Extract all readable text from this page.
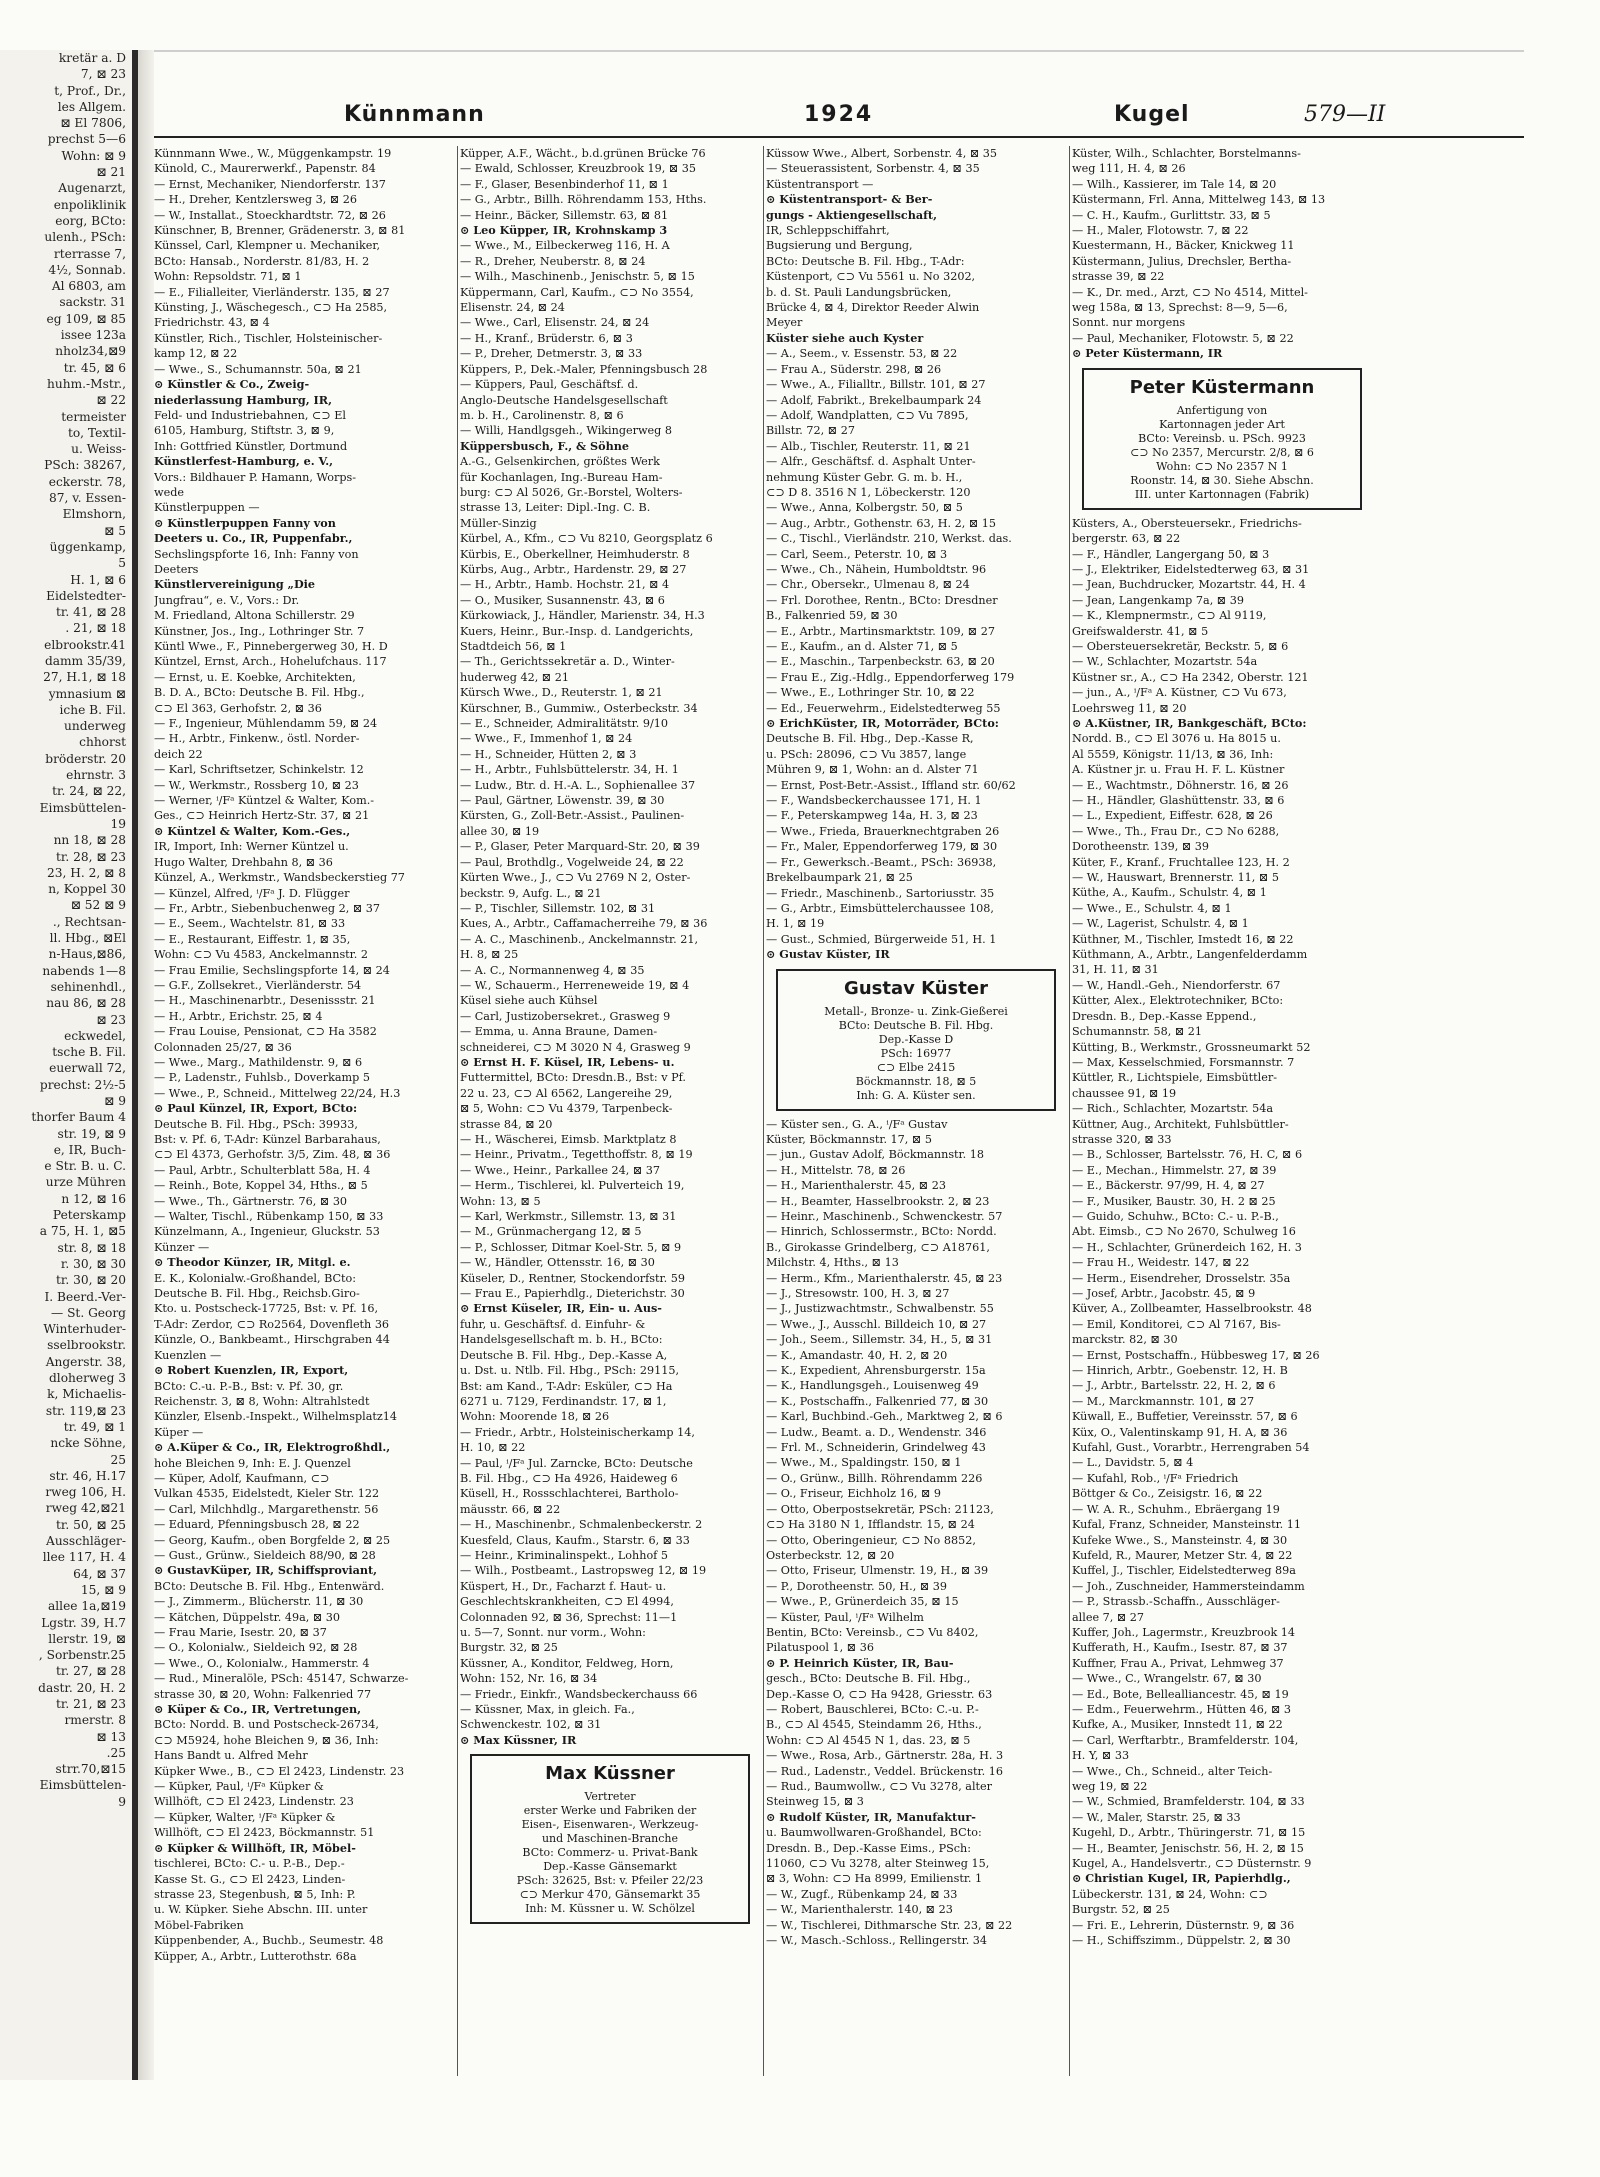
kretär a. D
7, ⊠ 23
t, Prof., Dr.,
les Allgem.
⊠ El 7806,
prechst 5—6
Wohn: ⊠ 9
⊠ 21
Augenarzt,
enpoliklinik
eorg, BCto:
ulenh., PSch:
rterrasse 7,
4½, Sonnab.
Al 6803, am
sackstr. 31
eg 109, ⊠ 85
issee 123a
nholz34,⊠9
tr. 45, ⊠ 6
huhm.-Mstr.,
⊠ 22
termeister
to, Textil-
u. Weiss-
PSch: 38267,
eckerstr. 78,
87, v. Essen-
Elmshorn,
⊠ 5
üggenkamp,
5
H. 1, ⊠ 6
Eidelstedter-
tr. 41, ⊠ 28
. 21, ⊠ 18
elbrookstr.41
damm 35/39,
27, H.1, ⊠ 18
ymnasium ⊠
iche B. Fil.
underweg
chhorst
bröderstr. 20
ehrnstr. 3
tr. 24, ⊠ 22,
Eimsbüttelen-
19
nn 18, ⊠ 28
tr. 28, ⊠ 23
23, H. 2, ⊠ 8
n, Koppel 30
⊠ 52 ⊠ 9
., Rechtsan-
ll. Hbg., ⊠El
n-Haus,⊠86,
nabends 1—8
sehinenhdl.,
nau 86, ⊠ 28
⊠ 23
eckwedel,
tsche B. Fil.
euerwall 72,
prechst: 2½-5
⊠ 9
thorfer Baum 4
str. 19, ⊠ 9
e, IR, Buch-
e Str. B. u. C.
urze Mühren
n 12, ⊠ 16
Peterskamp
a 75, H. 1, ⊠5
str. 8, ⊠ 18
r. 30, ⊠ 30
tr. 30, ⊠ 20
I. Beerd.-Ver-
— St. Georg
Winterhuder-
sselbrookstr.
Angerstr. 38,
dloherweg 3
k, Michaelis-
str. 119,⊠ 23
tr. 49, ⊠ 1
ncke Söhne,
25
str. 46, H.17
rweg 106, H.
rweg 42,⊠21
tr. 50, ⊠ 25
Ausschläger-
llee 117, H. 4
64, ⊠ 37
15, ⊠ 9
allee 1a,⊠19
Lgstr. 39, H.7
llerstr. 19, ⊠
, Sorbenstr.25
tr. 27, ⊠ 28
dastr. 20, H. 2
tr. 21, ⊠ 23
rmerstr. 8
⊠ 13
.25
strr.70,⊠15
Eimsbüttelen-
9
Künnmann	1924	Kugel	579—II
Künnmann Wwe., W., Müggenkampstr. 19
Künold, C., Maurerwerkf., Papenstr. 84
— Ernst, Mechaniker, Niendorferstr. 137
— H., Dreher, Kentzlersweg 3, ⊠ 26
— W., Installat., Stoeckhardtstr. 72, ⊠ 26
Künschner, B, Brenner, Grädenerstr. 3, ⊠ 81
Künssel, Carl, Klempner u. Mechaniker,
BCto: Hansab., Norderstr. 81/83, H. 2
Wohn: Repsoldstr. 71, ⊠ 1
— E., Filialleiter, Vierländerstr. 135, ⊠ 27
Künsting, J., Wäschegesch., ⊂⊃ Ha 2585,
Friedrichstr. 43, ⊠ 4
Künstler, Rich., Tischler, Holsteinischer-
kamp 12, ⊠ 22
— Wwe., S., Schumannstr. 50a, ⊠ 21
⊙ Künstler & Co., Zweig-
niederlassung Hamburg, IR,
Feld- und Industriebahnen, ⊂⊃ El
6105, Hamburg, Stiftstr. 3, ⊠ 9,
Inh: Gottfried Künstler, Dortmund
Künstlerfest-Hamburg, e. V.,
Vors.: Bildhauer P. Hamann, Worps-
wede
Künstlerpuppen —
⊙ Künstlerpuppen Fanny von
Deeters u. Co., IR, Puppenfabr.,
Sechslingspforte 16, Inh: Fanny von
Deeters
Künstlervereinigung „Die
Jungfrau“, e. V., Vors.: Dr.
M. Friedland, Altona Schillerstr. 29
Künstner, Jos., Ing., Lothringer Str. 7
Küntl Wwe., F., Pinnebergerweg 30, H. D
Küntzel, Ernst, Arch., Hohelufchaus. 117
— Ernst, u. E. Koebke, Architekten,
B. D. A., BCto: Deutsche B. Fil. Hbg.,
⊂⊃ El 363, Gerhofstr. 2, ⊠ 36
— F., Ingenieur, Mühlendamm 59, ⊠ 24
— H., Arbtr., Finkenw., östl. Norder-
deich 22
— Karl, Schriftsetzer, Schinkelstr. 12
— W., Werkmstr., Rossberg 10, ⊠ 23
— Werner, ⁱ/Fᵃ Küntzel & Walter, Kom.-
Ges., ⊂⊃ Heinrich Hertz-Str. 37, ⊠ 21
⊙ Küntzel & Walter, Kom.-Ges.,
IR, Import, Inh: Werner Küntzel u.
Hugo Walter, Drehbahn 8, ⊠ 36
Künzel, A., Werkmstr., Wandsbeckerstieg 77
— Künzel, Alfred, ⁱ/Fᵃ J. D. Flügger
— Fr., Arbtr., Siebenbuchenweg 2, ⊠ 37
— E., Seem., Wachtelstr. 81, ⊠ 33
— E., Restaurant, Eiffestr. 1, ⊠ 35,
Wohn: ⊂⊃ Vu 4583, Anckelmannstr. 2
— Frau Emilie, Sechslingspforte 14, ⊠ 24
— G.F., Zollsekret., Vierländerstr. 54
— H., Maschinenarbtr., Desenissstr. 21
— H., Arbtr., Erichstr. 25, ⊠ 4
— Frau Louise, Pensionat, ⊂⊃ Ha 3582
Colonnaden 25/27, ⊠ 36
— Wwe., Marg., Mathildenstr. 9, ⊠ 6
— P., Ladenstr., Fuhlsb., Doverkamp 5
— Wwe., P., Schneid., Mittelweg 22/24, H.3
⊙ Paul Künzel, IR, Export, BCto:
Deutsche B. Fil. Hbg., PSch: 39933,
Bst: v. Pf. 6, T-Adr: Künzel Barbarahaus,
⊂⊃ El 4373, Gerhofstr. 3/5, Zim. 48, ⊠ 36
— Paul, Arbtr., Schulterblatt 58a, H. 4
— Reinh., Bote, Koppel 34, Hths., ⊠ 5
— Wwe., Th., Gärtnerstr. 76, ⊠ 30
— Walter, Tischl., Rübenkamp 150, ⊠ 33
Künzelmann, A., Ingenieur, Gluckstr. 53
Künzer —
⊙ Theodor Künzer, IR, Mitgl. e.
E. K., Kolonialw.-Großhandel, BCto:
Deutsche B. Fil. Hbg., Reichsb.Giro-
Kto. u. Postscheck-17725, Bst: v. Pf. 16,
T-Adr: Zerdor, ⊂⊃ Ro2564, Dovenfleth 36
Künzle, O., Bankbeamt., Hirschgraben 44
Kuenzlen —
⊙ Robert Kuenzlen, IR, Export,
BCto: C.-u. P.-B., Bst: v. Pf. 30, gr.
Reichenstr. 3, ⊠ 8, Wohn: Altrahlstedt
Künzler, Elsenb.-Inspekt., Wilhelmsplatz14
Küper —
⊙ A.Küper & Co., IR, Elektrogroßhdl.,
hohe Bleichen 9, Inh: E. J. Quenzel
— Küper, Adolf, Kaufmann, ⊂⊃
Vulkan 4535, Eidelstedt, Kieler Str. 122
— Carl, Milchhdlg., Margarethenstr. 56
— Eduard, Pfenningsbusch 28, ⊠ 22
— Georg, Kaufm., oben Borgfelde 2, ⊠ 25
— Gust., Grünw., Sieldeich 88/90, ⊠ 28
⊙ GustavKüper, IR, Schiffsproviant,
BCto: Deutsche B. Fil. Hbg., Entenwärd.
— J., Zimmerm., Blücherstr. 11, ⊠ 30
— Kätchen, Düppelstr. 49a, ⊠ 30
— Frau Marie, Isestr. 20, ⊠ 37
— O., Kolonialw., Sieldeich 92, ⊠ 28
— Wwe., O., Kolonialw., Hammerstr. 4
— Rud., Mineralöle, PSch: 45147, Schwarze-
strasse 30, ⊠ 20, Wohn: Falkenried 77
⊙ Küper & Co., IR, Vertretungen,
BCto: Nordd. B. und Postscheck-26734,
⊂⊃ M5924, hohe Bleichen 9, ⊠ 36, Inh:
Hans Bandt u. Alfred Mehr
Küpker Wwe., B., ⊂⊃ El 2423, Lindenstr. 23
— Küpker, Paul, ⁱ/Fᵃ Küpker &
Willhöft, ⊂⊃ El 2423, Lindenstr. 23
— Küpker, Walter, ⁱ/Fᵃ Küpker &
Willhöft, ⊂⊃ El 2423, Böckmannstr. 51
⊙ Küpker & Willhöft, IR, Möbel-
tischlerei, BCto: C.- u. P.-B., Dep.-
Kasse St. G., ⊂⊃ El 2423, Linden-
strasse 23, Stegenbush, ⊠ 5, Inh: P.
u. W. Küpker. Siehe Abschn. III. unter
Möbel-Fabriken
Küppenbender, A., Buchb., Seumestr. 48
Küpper, A., Arbtr., Lutterothstr. 68a
Küpper, A.F., Wächt., b.d.grünen Brücke 76
— Ewald, Schlosser, Kreuzbrook 19, ⊠ 35
— F., Glaser, Besenbinderhof 11, ⊠ 1
— G., Arbtr., Billh. Röhrendamm 153, Hths.
— Heinr., Bäcker, Sillemstr. 63, ⊠ 81
⊙ Leo Küpper, IR, Krohnskamp 3
— Wwe., M., Eilbeckerweg 116, H. A
— R., Dreher, Neuberstr. 8, ⊠ 24
— Wilh., Maschinenb., Jenischstr. 5, ⊠ 15
Küppermann, Carl, Kaufm., ⊂⊃ No 3554,
Elisenstr. 24, ⊠ 24
— Wwe., Carl, Elisenstr. 24, ⊠ 24
— H., Kranf., Brüderstr. 6, ⊠ 3
— P., Dreher, Detmerstr. 3, ⊠ 33
Küppers, P., Dek.-Maler, Pfenningsbusch 28
— Küppers, Paul, Geschäftsf. d.
Anglo-Deutsche Handelsgesellschaft
m. b. H., Carolinenstr. 8, ⊠ 6
— Willi, Handlgsgeh., Wikingerweg 8
Küppersbusch, F., & Söhne
A.-G., Gelsenkirchen, größtes Werk
für Kochanlagen, Ing.-Bureau Ham-
burg: ⊂⊃ Al 5026, Gr.-Borstel, Wolters-
strasse 13, Leiter: Dipl.-Ing. C. B.
Müller-Sinzig
Kürbel, A., Kfm., ⊂⊃ Vu 8210, Georgsplatz 6
Kürbis, E., Oberkellner, Heimhuderstr. 8
Kürbs, Aug., Arbtr., Hardenstr. 29, ⊠ 27
— H., Arbtr., Hamb. Hochstr. 21, ⊠ 4
— O., Musiker, Susannenstr. 43, ⊠ 6
Kürkowiack, J., Händler, Marienstr. 34, H.3
Kuers, Heinr., Bur.-Insp. d. Landgerichts,
Stadtdeich 56, ⊠ 1
— Th., Gerichtssekretär a. D., Winter-
huderweg 42, ⊠ 21
Kürsch Wwe., D., Reuterstr. 1, ⊠ 21
Kürschner, B., Gummiw., Osterbeckstr. 34
— E., Schneider, Admiralitätstr. 9/10
— Wwe., F., Immenhof 1, ⊠ 24
— H., Schneider, Hütten 2, ⊠ 3
— H., Arbtr., Fuhlsbüttelerstr. 34, H. 1
— Ludw., Btr. d. H.-A. L., Sophienallee 37
— Paul, Gärtner, Löwenstr. 39, ⊠ 30
Kürsten, G., Zoll-Betr.-Assist., Paulinen-
allee 30, ⊠ 19
— P., Glaser, Peter Marquard-Str. 20, ⊠ 39
— Paul, Brothdlg., Vogelweide 24, ⊠ 22
Kürten Wwe., J., ⊂⊃ Vu 2769 N 2, Oster-
beckstr. 9, Aufg. L., ⊠ 21
— P., Tischler, Sillemstr. 102, ⊠ 31
Kues, A., Arbtr., Caffamacherreihe 79, ⊠ 36
— A. C., Maschinenb., Anckelmannstr. 21,
H. 8, ⊠ 25
— A. C., Normannenweg 4, ⊠ 35
— W., Schauerm., Herreneweide 19, ⊠ 4
Küsel siehe auch Kühsel
— Carl, Justizobersekret., Grasweg 9
— Emma, u. Anna Braune, Damen-
schneiderei, ⊂⊃ M 3020 N 4, Grasweg 9
⊙ Ernst H. F. Küsel, IR, Lebens- u.
Futtermittel, BCto: Dresdn.B., Bst: v Pf.
22 u. 23, ⊂⊃ Al 6562, Langereihe 29,
⊠ 5, Wohn: ⊂⊃ Vu 4379, Tarpenbeck-
strasse 84, ⊠ 20
— H., Wäscherei, Eimsb. Marktplatz 8
— Heinr., Privatm., Tegetthoffstr. 8, ⊠ 19
— Wwe., Heinr., Parkallee 24, ⊠ 37
— Herm., Tischlerei, kl. Pulverteich 19,
Wohn: 13, ⊠ 5
— Karl, Werkmstr., Sillemstr. 13, ⊠ 31
— M., Grünmachergang 12, ⊠ 5
— P., Schlosser, Ditmar Koel-Str. 5, ⊠ 9
— W., Händler, Ottensstr. 16, ⊠ 30
Küseler, D., Rentner, Stockendorfstr. 59
— Frau E., Papierhdlg., Dieterichstr. 30
⊙ Ernst Küseler, IR, Ein- u. Aus-
fuhr, u. Geschäftsf. d. Einfuhr- &
Handelsgesellschaft m. b. H., BCto:
Deutsche B. Fil. Hbg., Dep.-Kasse A,
u. Dst. u. Ntlb. Fil. Hbg., PSch: 29115,
Bst: am Kand., T-Adr: Esküler, ⊂⊃ Ha
6271 u. 7129, Ferdinandstr. 17, ⊠ 1,
Wohn: Moorende 18, ⊠ 26
— Friedr., Arbtr., Holsteinischerkamp 14,
H. 10, ⊠ 22
— Paul, ⁱ/Fᵃ Jul. Zarncke, BCto: Deutsche
B. Fil. Hbg., ⊂⊃ Ha 4926, Haideweg 6
Küsell, H., Rossschlachterei, Bartholo-
mäusstr. 66, ⊠ 22
— H., Maschinenbr., Schmalenbeckerstr. 2
Kuesfeld, Claus, Kaufm., Starstr. 6, ⊠ 33
— Heinr., Kriminalinspekt., Lohhof 5
— Wilh., Postbeamt., Lastropsweg 12, ⊠ 19
Küspert, H., Dr., Facharzt f. Haut- u.
Geschlechtskrankheiten, ⊂⊃ El 4994,
Colonnaden 92, ⊠ 36, Sprechst: 11—1
u. 5—7, Sonnt. nur vorm., Wohn:
Burgstr. 32, ⊠ 25
Küssner, A., Konditor, Feldweg, Horn,
Wohn: 152, Nr. 16, ⊠ 34
— Friedr., Einkfr., Wandsbeckerchauss 66
— Küssner, Max, in gleich. Fa.,
Schwenckestr. 102, ⊠ 31
⊙ Max Küssner, IR
Max Küssner
Vertreter
erster Werke und Fabriken der
Eisen-, Eisenwaren-, Werkzeug-
und Maschinen-Branche
BCto: Commerz- u. Privat-Bank
Dep.-Kasse Gänsemarkt
PSch: 32625, Bst: v. Pfeiler 22/23
⊂⊃ Merkur 470, Gänsemarkt 35
Inh: M. Küssner u. W. Schölzel
Küssow Wwe., Albert, Sorbenstr. 4, ⊠ 35
— Steuerassistent, Sorbenstr. 4, ⊠ 35
Küstentransport —
⊙ Küstentransport- & Ber-
gungs - Aktiengesellschaft,
IR, Schleppschiffahrt,
Bugsierung und Bergung,
BCto: Deutsche B. Fil. Hbg., T-Adr:
Küstenport, ⊂⊃ Vu 5561 u. No 3202,
b. d. St. Pauli Landungsbrücken,
Brücke 4, ⊠ 4, Direktor Reeder Alwin
Meyer
Küster siehe auch Kyster
— A., Seem., v. Essenstr. 53, ⊠ 22
— Frau A., Süderstr. 298, ⊠ 26
— Wwe., A., Filialltr., Billstr. 101, ⊠ 27
— Adolf, Fabrikt., Brekelbaumpark 24
— Adolf, Wandplatten, ⊂⊃ Vu 7895,
Billstr. 72, ⊠ 27
— Alb., Tischler, Reuterstr. 11, ⊠ 21
— Alfr., Geschäftsf. d. Asphalt Unter-
nehmung Küster Gebr. G. m. b. H.,
⊂⊃ D 8. 3516 N 1, Löbeckerstr. 120
— Wwe., Anna, Kolbergstr. 50, ⊠ 5
— Aug., Arbtr., Gothenstr. 63, H. 2, ⊠ 15
— C., Tischl., Vierländstr. 210, Werkst. das.
— Carl, Seem., Peterstr. 10, ⊠ 3
— Wwe., Ch., Nähein, Humboldtstr. 96
— Chr., Obersekr., Ulmenau 8, ⊠ 24
— Frl. Dorothee, Rentn., BCto: Dresdner
B., Falkenried 59, ⊠ 30
— E., Arbtr., Martinsmarktstr. 109, ⊠ 27
— E., Kaufm., an d. Alster 71, ⊠ 5
— E., Maschin., Tarpenbeckstr. 63, ⊠ 20
— Frau E., Zig.-Hdlg., Eppendorferweg 179
— Wwe., E., Lothringer Str. 10, ⊠ 22
— Ed., Feuerwehrm., Eidelstedterweg 55
⊙ ErichKüster, IR, Motorräder, BCto:
Deutsche B. Fil. Hbg., Dep.-Kasse R,
u. PSch: 28096, ⊂⊃ Vu 3857, lange
Mühren 9, ⊠ 1, Wohn: an d. Alster 71
— Ernst, Post-Betr.-Assist., Iffland str. 60/62
— F., Wandsbeckerchaussee 171, H. 1
— F., Peterskampweg 14a, H. 3, ⊠ 23
— Wwe., Frieda, Brauerknechtgraben 26
— Fr., Maler, Eppendorferweg 179, ⊠ 30
— Fr., Gewerksch.-Beamt., PSch: 36938,
Brekelbaumpark 21, ⊠ 25
— Friedr., Maschinenb., Sartoriusstr. 35
— G., Arbtr., Eimsbüttelerchaussee 108,
H. 1, ⊠ 19
— Gust., Schmied, Bürgerweide 51, H. 1
⊙ Gustav Küster, IR
Gustav Küster
Metall-, Bronze- u. Zink-Gießerei
BCto: Deutsche B. Fil. Hbg.
Dep.-Kasse D
PSch: 16977
⊂⊃ Elbe 2415
Böckmannstr. 18, ⊠ 5
Inh: G. A. Küster sen.
— Küster sen., G. A., ⁱ/Fᵃ Gustav
Küster, Böckmannstr. 17, ⊠ 5
— jun., Gustav Adolf, Böckmannstr. 18
— H., Mittelstr. 78, ⊠ 26
— H., Marienthalerstr. 45, ⊠ 23
— H., Beamter, Hasselbrookstr. 2, ⊠ 23
— Heinr., Maschinenb., Schwenckestr. 57
— Hinrich, Schlossermstr., BCto: Nordd.
B., Girokasse Grindelberg, ⊂⊃ A18761,
Milchstr. 4, Hths., ⊠ 13
— Herm., Kfm., Marienthalerstr. 45, ⊠ 23
— J., Stresowstr. 100, H. 3, ⊠ 27
— J., Justizwachtmstr., Schwalbenstr. 55
— Wwe., J., Ausschl. Billdeich 10, ⊠ 27
— Joh., Seem., Sillemstr. 34, H., 5, ⊠ 31
— K., Amandastr. 40, H. 2, ⊠ 20
— K., Expedient, Ahrensburgerstr. 15a
— K., Handlungsgeh., Louisenweg 49
— K., Postschaffn., Falkenried 77, ⊠ 30
— Karl, Buchbind.-Geh., Marktweg 2, ⊠ 6
— Ludw., Beamt. a. D., Wendenstr. 346
— Frl. M., Schneiderin, Grindelweg 43
— Wwe., M., Spaldingstr. 150, ⊠ 1
— O., Grünw., Billh. Röhrendamm 226
— O., Friseur, Eichholz 16, ⊠ 9
— Otto, Oberpostsekretär, PSch: 21123,
⊂⊃ Ha 3180 N 1, Ifflandstr. 15, ⊠ 24
— Otto, Oberingenieur, ⊂⊃ No 8852,
Osterbeckstr. 12, ⊠ 20
— Otto, Friseur, Ulmenstr. 19, H., ⊠ 39
— P., Dorotheenstr. 50, H., ⊠ 39
— Wwe., P., Grünerdeich 35, ⊠ 15
— Küster, Paul, ⁱ/Fᵃ Wilhelm
Bentin, BCto: Vereinsb., ⊂⊃ Vu 8402,
Pilatuspool 1, ⊠ 36
⊙ P. Heinrich Küster, IR, Bau-
gesch., BCto: Deutsche B. Fil. Hbg.,
Dep.-Kasse O, ⊂⊃ Ha 9428, Griesstr. 63
— Robert, Bauschlerei, BCto: C.-u. P.-
B., ⊂⊃ Al 4545, Steindamm 26, Hths.,
Wohn: ⊂⊃ Al 4545 N 1, das. 23, ⊠ 5
— Wwe., Rosa, Arb., Gärtnerstr. 28a, H. 3
— Rud., Ladenstr., Veddel. Brückenstr. 16
— Rud., Baumwollw., ⊂⊃ Vu 3278, alter
Steinweg 15, ⊠ 3
⊙ Rudolf Küster, IR, Manufaktur-
u. Baumwollwaren-Großhandel, BCto:
Dresdn. B., Dep.-Kasse Eims., PSch:
11060, ⊂⊃ Vu 3278, alter Steinweg 15,
⊠ 3, Wohn: ⊂⊃ Ha 8999, Emilienstr. 1
— W., Zugf., Rübenkamp 24, ⊠ 33
— W., Marienthalerstr. 140, ⊠ 23
— W., Tischlerei, Dithmarsche Str. 23, ⊠ 22
— W., Masch.-Schloss., Rellingerstr. 34
Küster, Wilh., Schlachter, Borstelmanns-
weg 111, H. 4, ⊠ 26
— Wilh., Kassierer, im Tale 14, ⊠ 20
Küstermann, Frl. Anna, Mittelweg 143, ⊠ 13
— C. H., Kaufm., Gurlittstr. 33, ⊠ 5
— H., Maler, Flotowstr. 7, ⊠ 22
Kuestermann, H., Bäcker, Knickweg 11
Küstermann, Julius, Drechsler, Bertha-
strasse 39, ⊠ 22
— K., Dr. med., Arzt, ⊂⊃ No 4514, Mittel-
weg 158a, ⊠ 13, Sprechst: 8—9, 5—6,
Sonnt. nur morgens
— Paul, Mechaniker, Flotowstr. 5, ⊠ 22
⊙ Peter Küstermann, IR
Peter Küstermann
Anfertigung von
Kartonnagen jeder Art
BCto: Vereinsb. u. PSch. 9923
⊂⊃ No 2357, Mercurstr. 2/8, ⊠ 6
Wohn: ⊂⊃ No 2357 N 1
Roonstr. 14, ⊠ 30. Siehe Abschn.
III. unter Kartonnagen (Fabrik)
Küsters, A., Obersteuersekr., Friedrichs-
bergerstr. 63, ⊠ 22
— F., Händler, Langergang 50, ⊠ 3
— J., Elektriker, Eidelstedterweg 63, ⊠ 31
— Jean, Buchdrucker, Mozartstr. 44, H. 4
— Jean, Langenkamp 7a, ⊠ 39
— K., Klempnermstr., ⊂⊃ Al 9119,
Greifswalderstr. 41, ⊠ 5
— Obersteuersekretär, Beckstr. 5, ⊠ 6
— W., Schlachter, Mozartstr. 54a
Küstner sr., A., ⊂⊃ Ha 2342, Oberstr. 121
— jun., A., ⁱ/Fᵃ A. Küstner, ⊂⊃ Vu 673,
Loehrsweg 11, ⊠ 20
⊙ A.Küstner, IR, Bankgeschäft, BCto:
Nordd. B., ⊂⊃ El 3076 u. Ha 8015 u.
Al 5559, Königstr. 11/13, ⊠ 36, Inh:
A. Küstner jr. u. Frau H. F. L. Küstner
— E., Wachtmstr., Döhnerstr. 16, ⊠ 26
— H., Händler, Glashüttenstr. 33, ⊠ 6
— L., Expedient, Eiffestr. 628, ⊠ 26
— Wwe., Th., Frau Dr., ⊂⊃ No 6288,
Dorotheenstr. 139, ⊠ 39
Küter, F., Kranf., Fruchtallee 123, H. 2
— W., Hauswart, Brennerstr. 11, ⊠ 5
Küthe, A., Kaufm., Schulstr. 4, ⊠ 1
— Wwe., E., Schulstr. 4, ⊠ 1
— W., Lagerist, Schulstr. 4, ⊠ 1
Küthner, M., Tischler, Imstedt 16, ⊠ 22
Küthmann, A., Arbtr., Langenfelderdamm
31, H. 11, ⊠ 31
— W., Handl.-Geh., Niendorferstr. 67
Kütter, Alex., Elektrotechniker, BCto:
Dresdn. B., Dep.-Kasse Eppend.,
Schumannstr. 58, ⊠ 21
Kütting, B., Werkmstr., Grossneumarkt 52
— Max, Kesselschmied, Forsmannstr. 7
Küttler, R., Lichtspiele, Eimsbüttler-
chaussee 91, ⊠ 19
— Rich., Schlachter, Mozartstr. 54a
Küttner, Aug., Architekt, Fuhlsbüttler-
strasse 320, ⊠ 33
— B., Schlosser, Bartelsstr. 76, H. C, ⊠ 6
— E., Mechan., Himmelstr. 27, ⊠ 39
— E., Bäckerstr. 97/99, H. 4, ⊠ 27
— F., Musiker, Baustr. 30, H. 2 ⊠ 25
— Guido, Schuhw., BCto: C.- u. P.-B.,
Abt. Eimsb., ⊂⊃ No 2670, Schulweg 16
— H., Schlachter, Grünerdeich 162, H. 3
— Frau H., Weidestr. 147, ⊠ 22
— Herm., Eisendreher, Drosselstr. 35a
— Josef, Arbtr., Jacobstr. 45, ⊠ 9
Küver, A., Zollbeamter, Hasselbrookstr. 48
— Emil, Konditorei, ⊂⊃ Al 7167, Bis-
marckstr. 82, ⊠ 30
— Ernst, Postschaffn., Hübbesweg 17, ⊠ 26
— Hinrich, Arbtr., Goebenstr. 12, H. B
— J., Arbtr., Bartelsstr. 22, H. 2, ⊠ 6
— M., Marckmannstr. 101, ⊠ 27
Küwall, E., Buffetier, Vereinsstr. 57, ⊠ 6
Küx, O., Valentinskamp 91, H. A, ⊠ 36
Kufahl, Gust., Vorarbtr., Herrengraben 54
— L., Davidstr. 5, ⊠ 4
— Kufahl, Rob., ⁱ/Fᵃ Friedrich
Böttger & Co., Zeisigstr. 16, ⊠ 22
— W. A. R., Schuhm., Ebräergang 19
Kufal, Franz, Schneider, Mansteinstr. 11
Kufeke Wwe., S., Mansteinstr. 4, ⊠ 30
Kufeld, R., Maurer, Metzer Str. 4, ⊠ 22
Kuffel, J., Tischler, Eidelstedterweg 89a
— Joh., Zuschneider, Hammersteindamm
— P., Strassb.-Schaffn., Ausschläger-
allee 7, ⊠ 27
Kuffer, Joh., Lagermstr., Kreuzbrook 14
Kufferath, H., Kaufm., Isestr. 87, ⊠ 37
Kuffner, Frau A., Privat, Lehmweg 37
— Wwe., C., Wrangelstr. 67, ⊠ 30
— Ed., Bote, Bellealliancestr. 45, ⊠ 19
— Edm., Feuerwehrm., Hütten 46, ⊠ 3
Kufke, A., Musiker, Innstedt 11, ⊠ 22
— Carl, Werftarbtr., Bramfelderstr. 104,
H. Y, ⊠ 33
— Wwe., Ch., Schneid., alter Teich-
weg 19, ⊠ 22
— W., Schmied, Bramfelderstr. 104, ⊠ 33
— W., Maler, Starstr. 25, ⊠ 33
Kugehl, D., Arbtr., Thüringerstr. 71, ⊠ 15
— H., Beamter, Jenischstr. 56, H. 2, ⊠ 15
Kugel, A., Handelsvertr., ⊂⊃ Düsternstr. 9
⊙ Christian Kugel, IR, Papierhdlg.,
Lübeckerstr. 131, ⊠ 24, Wohn: ⊂⊃
Burgstr. 52, ⊠ 25
— Fri. E., Lehrerin, Düsternstr. 9, ⊠ 36
— H., Schiffszimm., Düppelstr. 2, ⊠ 30
